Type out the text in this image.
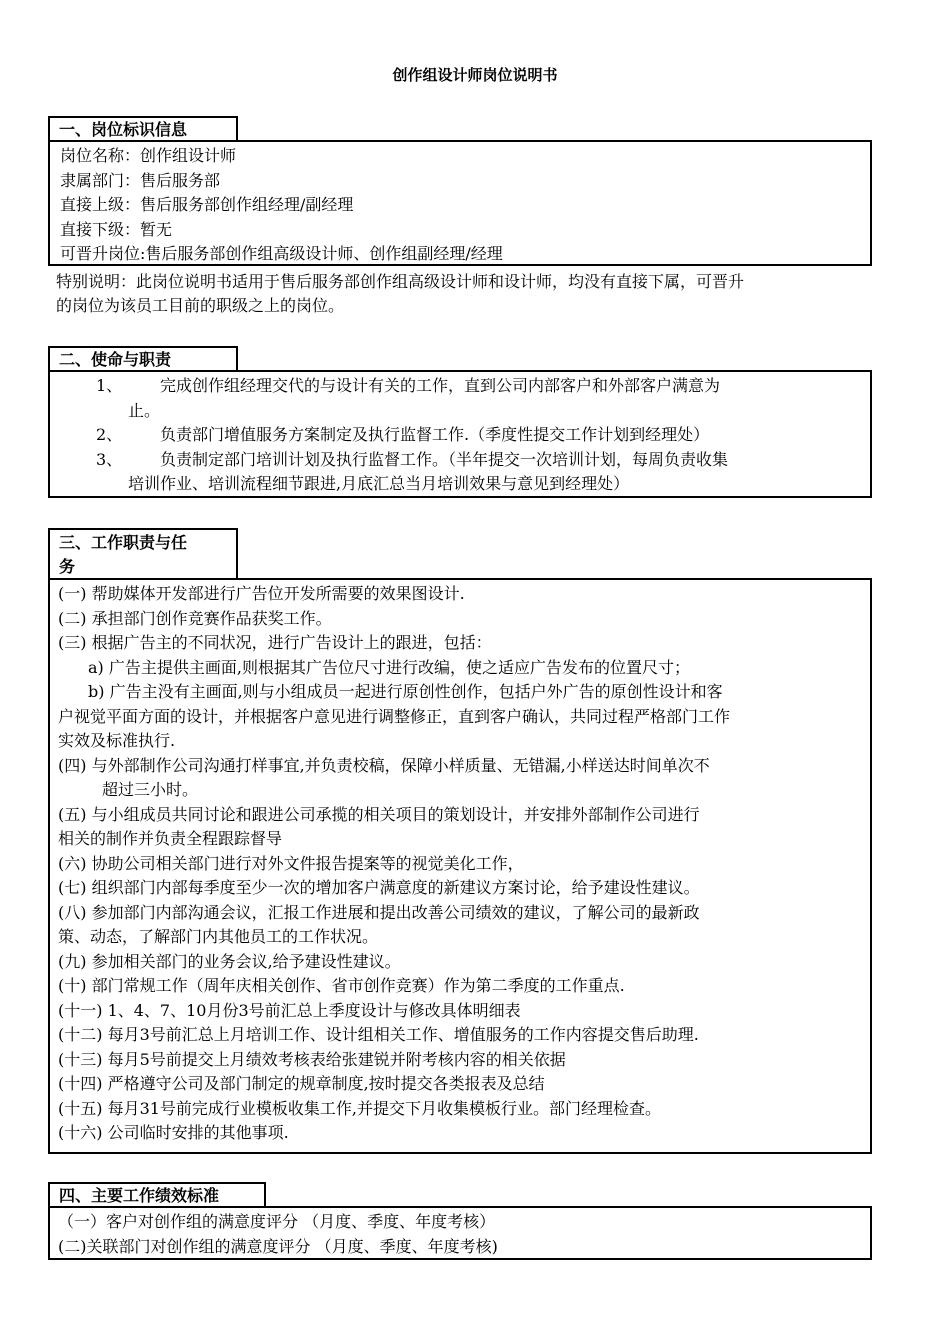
创作组设计师岗位说明书
一、岗位标识信息
岗位名称：创作组设计师
隶属部门：售后服务部
直接上级：售后服务部创作组经理/副经理
直接下级：暂无
可晋升岗位:售后服务部创作组高级设计师、创作组副经理/经理
特别说明：此岗位说明书适用于售后服务部创作组高级设计师和设计师，均没有直接下属，可晋升
的岗位为该员工目前的职级之上的岗位。
二、使命与职责
1、 完成创作组经理交代的与设计有关的工作，直到公司内部客户和外部客户满意为
止。
2、 负责部门增值服务方案制定及执行监督工作.（季度性提交工作计划到经理处）
3、 负责制定部门培训计划及执行监督工作。（半年提交一次培训计划，每周负责收集
培训作业、培训流程细节跟进,月底汇总当月培训效果与意见到经理处）
三、工作职责与任
务
(一) 帮助媒体开发部进行广告位开发所需要的效果图设计.
(二) 承担部门创作竞赛作品获奖工作。
(三) 根据广告主的不同状况，进行广告设计上的跟进，包括：
a) 广告主提供主画面,则根据其广告位尺寸进行改编，使之适应广告发布的位置尺寸；
b) 广告主没有主画面,则与小组成员一起进行原创性创作，包括户外广告的原创性设计和客
户视觉平面方面的设计，并根据客户意见进行调整修正，直到客户确认，共同过程严格部门工作
实效及标准执行.
(四) 与外部制作公司沟通打样事宜,并负责校稿，保障小样质量、无错漏,小样送达时间单次不
超过三小时。
(五) 与小组成员共同讨论和跟进公司承揽的相关项目的策划设计，并安排外部制作公司进行
相关的制作并负责全程跟踪督导
(六) 协助公司相关部门进行对外文件报告提案等的视觉美化工作，
(七) 组织部门内部每季度至少一次的增加客户满意度的新建议方案讨论，给予建设性建议。
(八) 参加部门内部沟通会议，汇报工作进展和提出改善公司绩效的建议，了解公司的最新政
策、动态，了解部门内其他员工的工作状况。
(九) 参加相关部门的业务会议,给予建设性建议。
(十) 部门常规工作（周年庆相关创作、省市创作竞赛）作为第二季度的工作重点.
(十一) 1、4、7、10月份3号前汇总上季度设计与修改具体明细表
(十二) 每月3号前汇总上月培训工作、设计组相关工作、增值服务的工作内容提交售后助理.
(十三) 每月5号前提交上月绩效考核表给张建锐并附考核内容的相关依据
(十四) 严格遵守公司及部门制定的规章制度,按时提交各类报表及总结
(十五) 每月31号前完成行业模板收集工作,并提交下月收集模板行业。部门经理检查。
(十六) 公司临时安排的其他事项.
四、主要工作绩效标准
（一）客户对创作组的满意度评分 （月度、季度、年度考核）
(二)关联部门对创作组的满意度评分 （月度、季度、年度考核)
